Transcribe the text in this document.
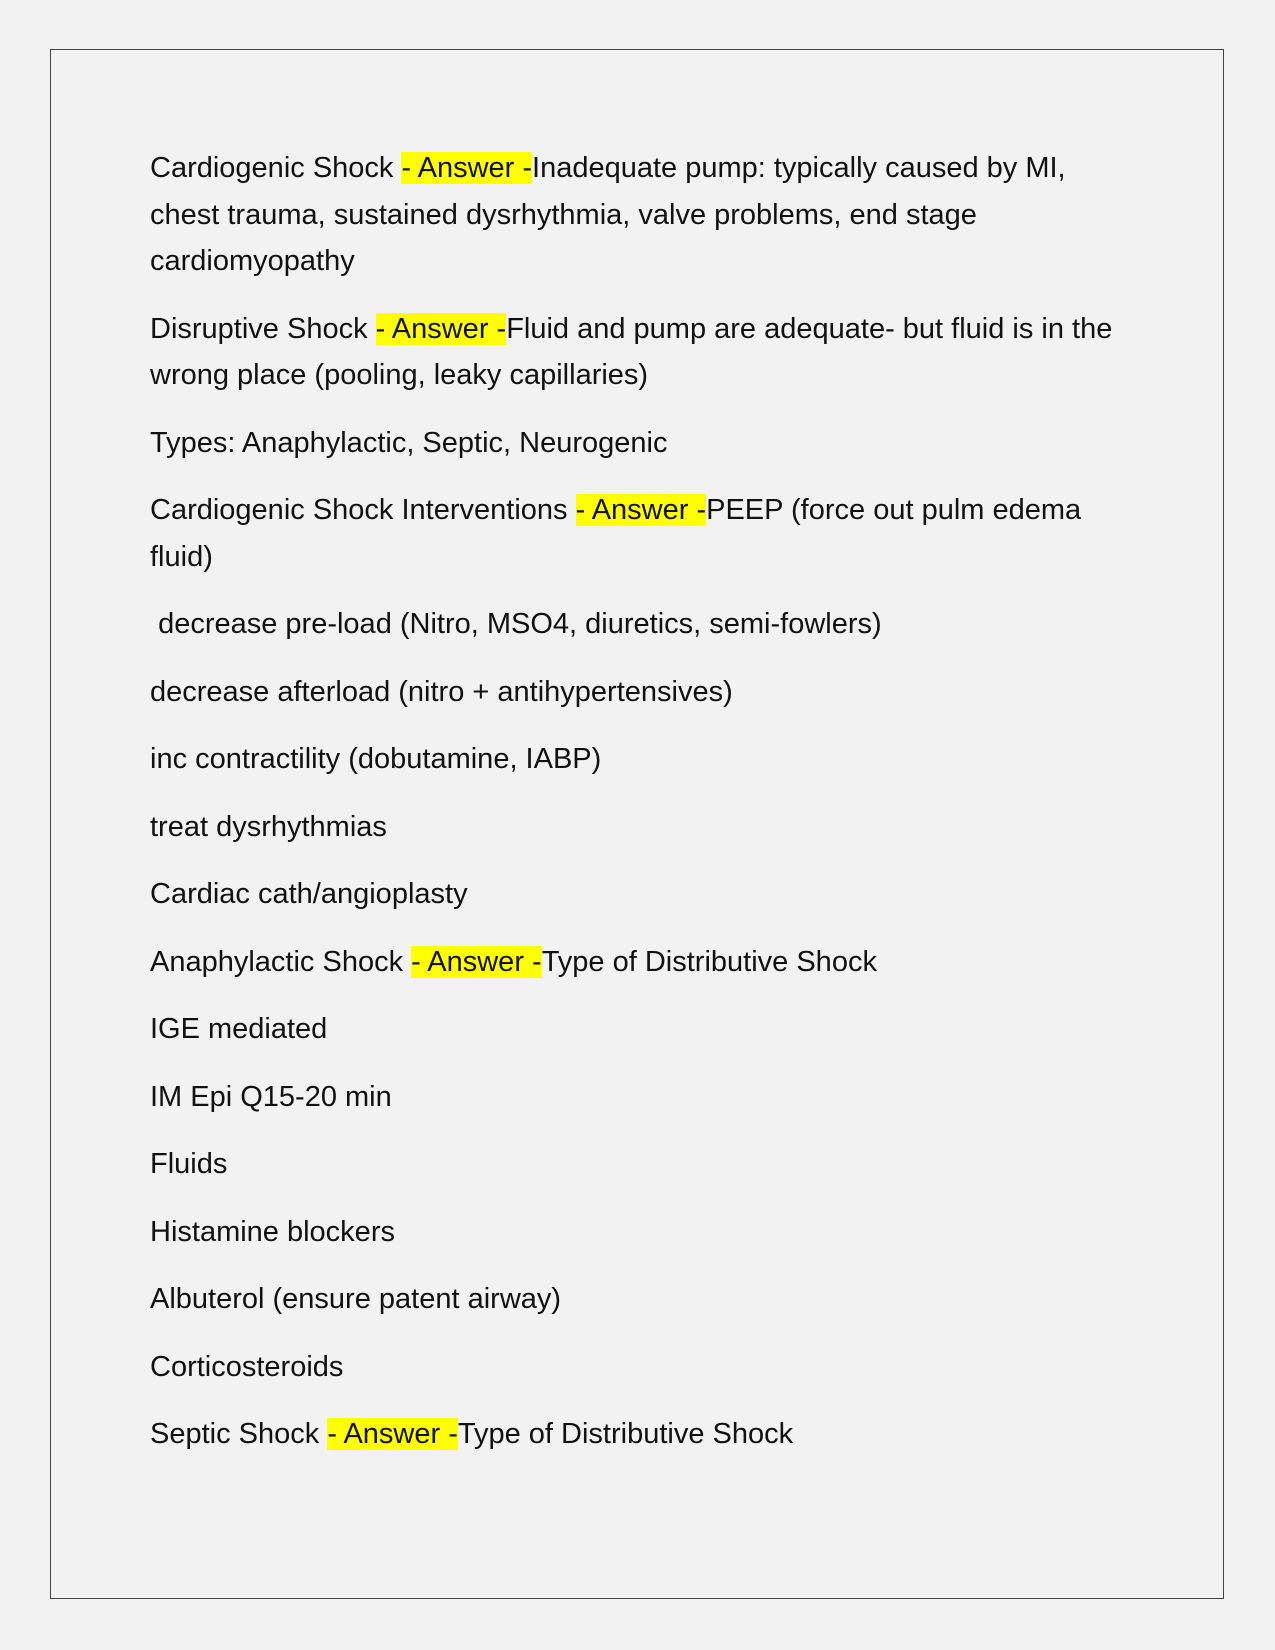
Cardiogenic Shock - Answer -Inadequate pump: typically caused by MI, chest trauma, sustained dysrhythmia, valve problems, end stage cardiomyopathy

Disruptive Shock - Answer -Fluid and pump are adequate- but fluid is in the wrong place (pooling, leaky capillaries)

Types: Anaphylactic, Septic, Neurogenic

Cardiogenic Shock Interventions - Answer -PEEP (force out pulm edema fluid)

decrease pre-load (Nitro, MSO4, diuretics, semi-fowlers)

decrease afterload (nitro + antihypertensives)

inc contractility (dobutamine, IABP)

treat dysrhythmias

Cardiac cath/angioplasty

Anaphylactic Shock - Answer -Type of Distributive Shock

IGE mediated

IM Epi Q15-20 min

Fluids

Histamine blockers

Albuterol (ensure patent airway)

Corticosteroids

Septic Shock - Answer -Type of Distributive Shock
